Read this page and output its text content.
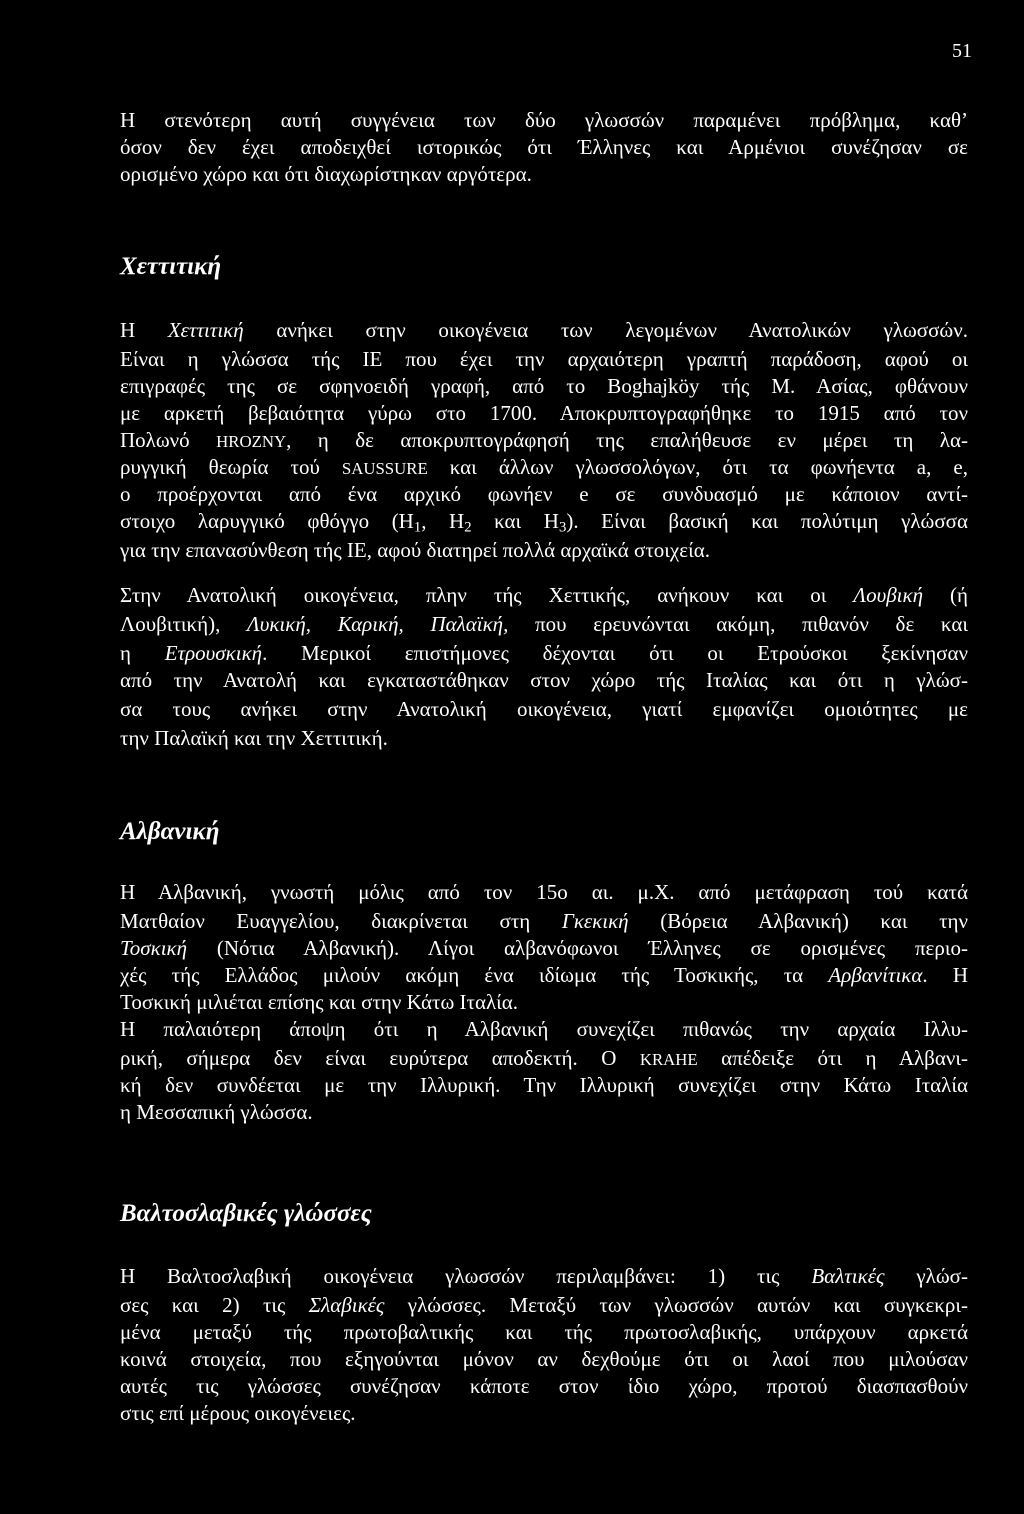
51
Χεττιτική
Αλβανική
Βαλτοσλαβικές γλώσσες
Η στενότερη αυτή συγγένεια των δύο γλωσσών παραμένει πρόβλημα, καθ’
όσον δεν έχει αποδειχθεί ιστορικώς ότι Έλληνες και Αρμένιοι συνέζησαν σε
ορισμένο χώρο και ότι διαχωρίστηκαν αργότερα.
Η Χεττιτική ανήκει στην οικογένεια των λεγομένων Ανατολικών γλωσσών.
Είναι η γλώσσα τής ΙΕ που έχει την αρχαιότερη γραπτή παράδοση, αφού οι
επιγραφές της σε σφηνοειδή γραφή, από το Boghajköy τής Μ. Ασίας, φθάνουν
με αρκετή βεβαιότητα γύρω στο 1700. Αποκρυπτογραφήθηκε το 1915 από τον
Πολωνό HROZNY, η δε αποκρυπτογράφησή της επαλήθευσε εν μέρει τη λα-
ρυγγική θεωρία τού SAUSSURE και άλλων γλωσσολόγων, ότι τα φωνήεντα a, e,
o προέρχονται από ένα αρχικό φωνήεν e σε συνδυασμό με κάποιον αντί-
στοιχο λαρυγγικό φθόγγο ($H_1$, $H_2$ και $H_3$). Είναι βασική και πολύτιμη γλώσσα
για την επανασύνθεση τής ΙΕ, αφού διατηρεί πολλά αρχαϊκά στοιχεία.
Στην Ανατολική οικογένεια, πλην τής Χεττικής, ανήκουν και οι Λουβική (ή
Λουβιτική), Λυκική, Καρική, Παλαϊκή, που ερευνώνται ακόμη, πιθανόν δε και
η Ετρουσκική. Μερικοί επιστήμονες δέχονται ότι οι Ετρούσκοι ξεκίνησαν
από την Ανατολή και εγκαταστάθηκαν στον χώρο τής Ιταλίας και ότι η γλώσ-
σα τους ανήκει στην Ανατολική οικογένεια, γιατί εμφανίζει ομοιότητες με
την Παλαϊκή και την Χεττιτική.
Η Αλβανική, γνωστή μόλις από τον 15ο αι. μ.Χ. από μετάφραση τού κατά
Ματθαίον Ευαγγελίου, διακρίνεται στη Γκεκική (Βόρεια Αλβανική) και την
Τοσκική (Νότια Αλβανική). Λίγοι αλβανόφωνοι Έλληνες σε ορισμένες περιο-
χές τής Ελλάδος μιλούν ακόμη ένα ιδίωμα τής Τοσκικής, τα Αρβανίτικα. Η
Τοσκική μιλιέται επίσης και στην Κάτω Ιταλία.
Η παλαιότερη άποψη ότι η Αλβανική συνεχίζει πιθανώς την αρχαία Ιλλυ-
ρική, σήμερα δεν είναι ευρύτερα αποδεκτή. Ο KRAHE απέδειξε ότι η Αλβανι-
κή δεν συνδέεται με την Ιλλυρική. Την Ιλλυρική συνεχίζει στην Κάτω Ιταλία
η Μεσσαπική γλώσσα.
Η Βαλτοσλαβική οικογένεια γλωσσών περιλαμβάνει: 1) τις Βαλτικές γλώσ-
σες και 2) τις Σλαβικές γλώσσες. Μεταξύ των γλωσσών αυτών και συγκεκρι-
μένα μεταξύ τής πρωτοβαλτικής και τής πρωτοσλαβικής, υπάρχουν αρκετά
κοινά στοιχεία, που εξηγούνται μόνον αν δεχθούμε ότι οι λαοί που μιλούσαν
αυτές τις γλώσσες συνέζησαν κάποτε στον ίδιο χώρο, προτού διασπασθούν
στις επί μέρους οικογένειες.
